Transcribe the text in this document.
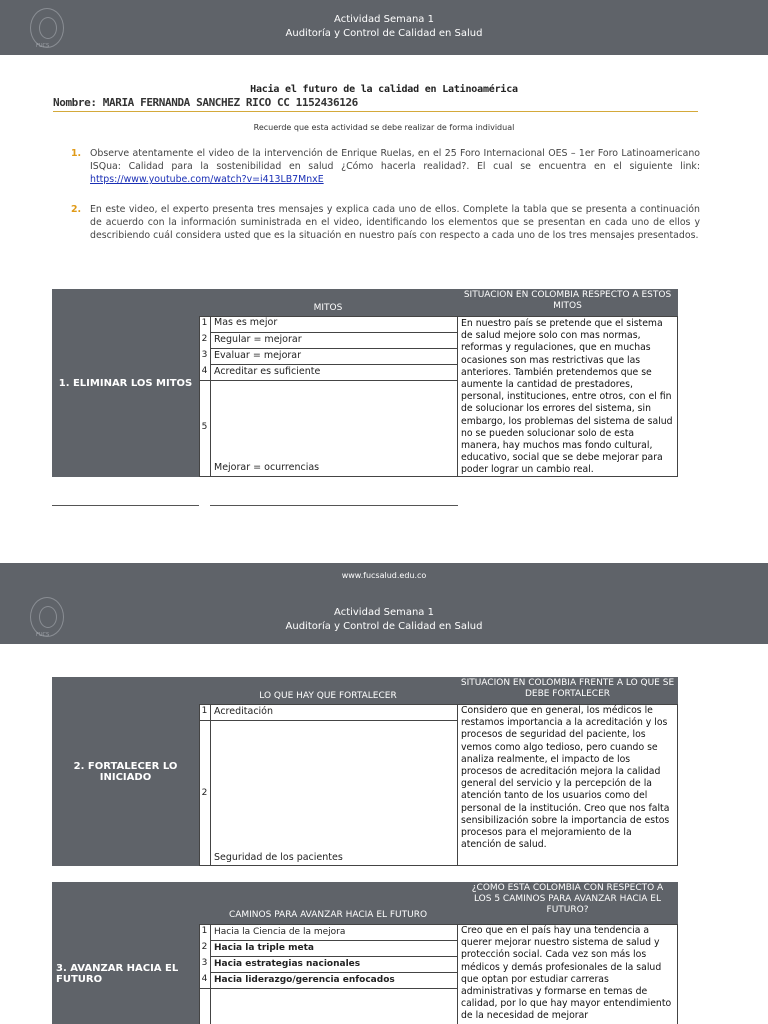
FUCS
Actividad Semana 1
Auditoría y Control de Calidad en Salud
Hacia el futuro de la calidad en Latinoamérica
Nombre: MARIA FERNANDA SANCHEZ RICO CC 1152436126
Recuerde que esta actividad se debe realizar de forma individual
1. Observe atentamente el video de la intervención de Enrique Ruelas, en el 25 Foro Internacional OES – 1er Foro Latinoamericano ISQua: Calidad para la sostenibilidad en salud ¿Cómo hacerla realidad?. El cual se encuentra en el siguiente link: https://www.youtube.com/watch?v=i413LB7MnxE
2. En este video, el experto presenta tres mensajes y explica cada uno de ellos. Complete la tabla que se presenta a continuación de acuerdo con la información suministrada en el video, identificando los elementos que se presentan en cada uno de ellos y describiendo cuál considera usted que es la situación en nuestro país con respecto a cada uno de los tres mensajes presentados.
1. ELIMINAR LOS MITOS
MITOS
SITUACION EN COLOMBIA RESPECTO A ESTOS MITOS
1 Mas es mejor
2 Regular = mejorar
3 Evaluar = mejorar
4 Acreditar es suficiente
5
Mejorar = ocurrencias
En nuestro país se pretende que el sistema de salud mejore solo con mas normas, reformas y regulaciones, que en muchas ocasiones son mas restrictivas que las anteriores. También pretendemos que se aumente la cantidad de prestadores, personal, instituciones, entre otros, con el fin de solucionar los errores del sistema, sin embargo, los problemas del sistema de salud no se pueden solucionar solo de esta manera, hay muchos mas fondo cultural, educativo, social que se debe mejorar para poder lograr un cambio real.
www.fucsalud.edu.co
FUCS
Actividad Semana 1
Auditoría y Control de Calidad en Salud
2. FORTALECER LO INICIADO
LO QUE HAY QUE FORTALECER
SITUACION EN COLOMBIA FRENTE A LO QUE SE DEBE FORTALECER
1 Acreditación
2
Seguridad de los pacientes
Considero que en general, los médicos le restamos importancia a la acreditación y los procesos de seguridad del paciente, los vemos como algo tedioso, pero cuando se analiza realmente, el impacto de los procesos de acreditación mejora la calidad general del servicio y la percepción de la atención tanto de los usuarios como del personal de la institución. Creo que nos falta sensibilización sobre la importancia de estos procesos para el mejoramiento de la atención de salud.
3. AVANZAR HACIA EL FUTURO
CAMINOS PARA AVANZAR HACIA EL FUTURO
¿COMO ESTA COLOMBIA CON RESPECTO A LOS 5 CAMINOS PARA AVANZAR HACIA EL FUTURO?
1 Hacia la Ciencia de la mejora
2 Hacia la triple meta
3 Hacia estrategias nacionales
4 Hacia liderazgo/gerencia enfocados
Creo que en el país hay una tendencia a querer mejorar nuestro sistema de salud y protección social. Cada vez son más los médicos y demás profesionales de la salud que optan por estudiar carreras administrativas y formarse en temas de calidad, por lo que hay mayor entendimiento de la necesidad de mejorar
